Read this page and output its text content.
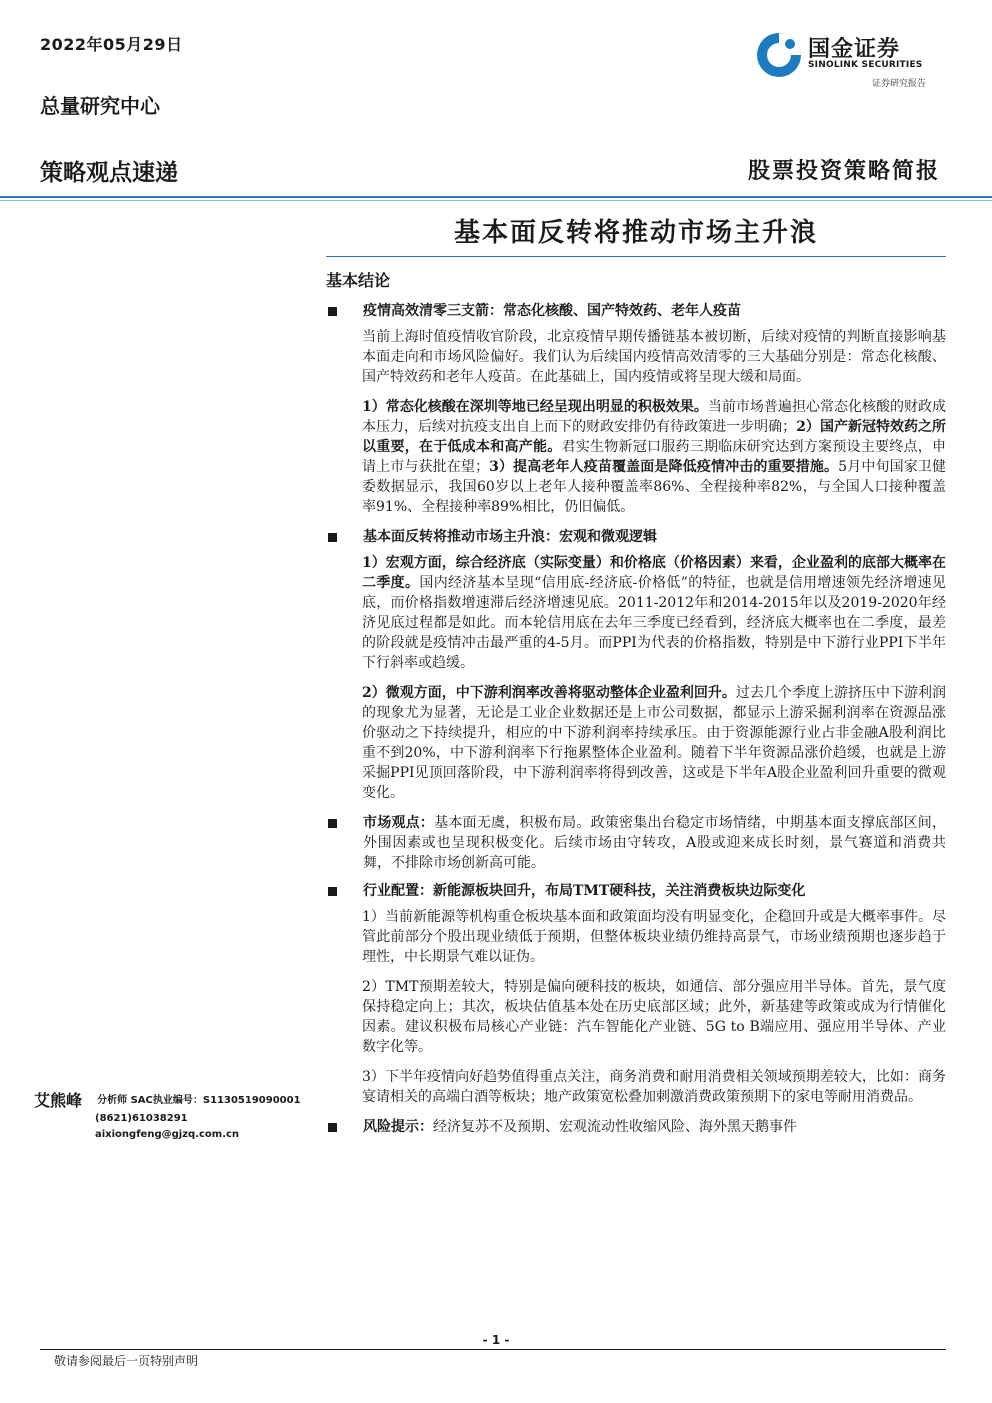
2022年05月29日
总量研究中心
国金证券
SINOLINK SECURITIES
证券研究报告
策略观点速递	股票投资策略简报
基本面反转将推动市场主升浪
基本结论
疫情高效清零三支箭：常态化核酸、国产特效药、老年人疫苗

当前上海时值疫情收官阶段，北京疫情早期传播链基本被切断，后续对疫情的判断直接影响基本面走向和市场风险偏好。我们认为后续国内疫情高效清零的三大基础分别是：常态化核酸、国产特效药和老年人疫苗。在此基础上，国内疫情或将呈现大缓和局面。

1）常态化核酸在深圳等地已经呈现出明显的积极效果。当前市场普遍担心常态化核酸的财政成本压力，后续对抗疫支出自上而下的财政安排仍有待政策进一步明确；2）国产新冠特效药之所以重要，在于低成本和高产能。君实生物新冠口服药三期临床研究达到方案预设主要终点，申请上市与获批在望；3）提高老年人疫苗覆盖面是降低疫情冲击的重要措施。5月中旬国家卫健委数据显示，我国60岁以上老年人接种覆盖率86%、全程接种率82%，与全国人口接种覆盖率91%、全程接种率89%相比，仍旧偏低。

基本面反转将推动市场主升浪：宏观和微观逻辑

1）宏观方面，综合经济底（实际变量）和价格底（价格因素）来看，企业盈利的底部大概率在二季度。国内经济基本呈现“信用底-经济底-价格低”的特征，也就是信用增速领先经济增速见底，而价格指数增速滞后经济增速见底。2011-2012年和2014-2015年以及2019-2020年经济见底过程都是如此。而本轮信用底在去年三季度已经看到，经济底大概率也在二季度，最差的阶段就是疫情冲击最严重的4-5月。而PPI为代表的价格指数，特别是中下游行业PPI下半年下行斜率或趋缓。

2）微观方面，中下游利润率改善将驱动整体企业盈利回升。过去几个季度上游挤压中下游利润的现象尤为显著，无论是工业企业数据还是上市公司数据，都显示上游采掘利润率在资源品涨价驱动之下持续提升，相应的中下游利润率持续承压。由于资源能源行业占非金融A股利润比重不到20%，中下游利润率下行拖累整体企业盈利。随着下半年资源品涨价趋缓，也就是上游采掘PPI见顶回落阶段，中下游利润率将得到改善，这或是下半年A股企业盈利回升重要的微观变化。

市场观点：基本面无虞，积极布局。政策密集出台稳定市场情绪，中期基本面支撑底部区间，外围因素或也呈现积极变化。后续市场由守转攻，A股或迎来成长时刻，景气赛道和消费共舞，不排除市场创新高可能。
行业配置：新能源板块回升，布局TMT硬科技，关注消费板块边际变化

1）当前新能源等机构重仓板块基本面和政策面均没有明显变化，企稳回升或是大概率事件。尽管此前部分个股出现业绩低于预期，但整体板块业绩仍维持高景气，市场业绩预期也逐步趋于理性，中长期景气难以证伪。

2）TMT预期差较大，特别是偏向硬科技的板块，如通信、部分强应用半导体。首先，景气度保持稳定向上；其次，板块估值基本处在历史底部区域；此外，新基建等政策或成为行情催化因素。建议积极布局核心产业链：汽车智能化产业链、5G to B端应用、强应用半导体、产业数字化等。

3）下半年疫情向好趋势值得重点关注，商务消费和耐用消费相关领域预期差较大，比如：商务宴请相关的高端白酒等板块；地产政策宽松叠加刺激消费政策预期下的家电等耐用消费品。

风险提示：经济复苏不及预期、宏观流动性收缩风险、海外黑天鹅事件
艾熊峰 分析师 SAC执业编号：S1130519090001
(8621)61038291
aixiongfeng@gjzq.com.cn
- 1 -
敬请参阅最后一页特别声明
